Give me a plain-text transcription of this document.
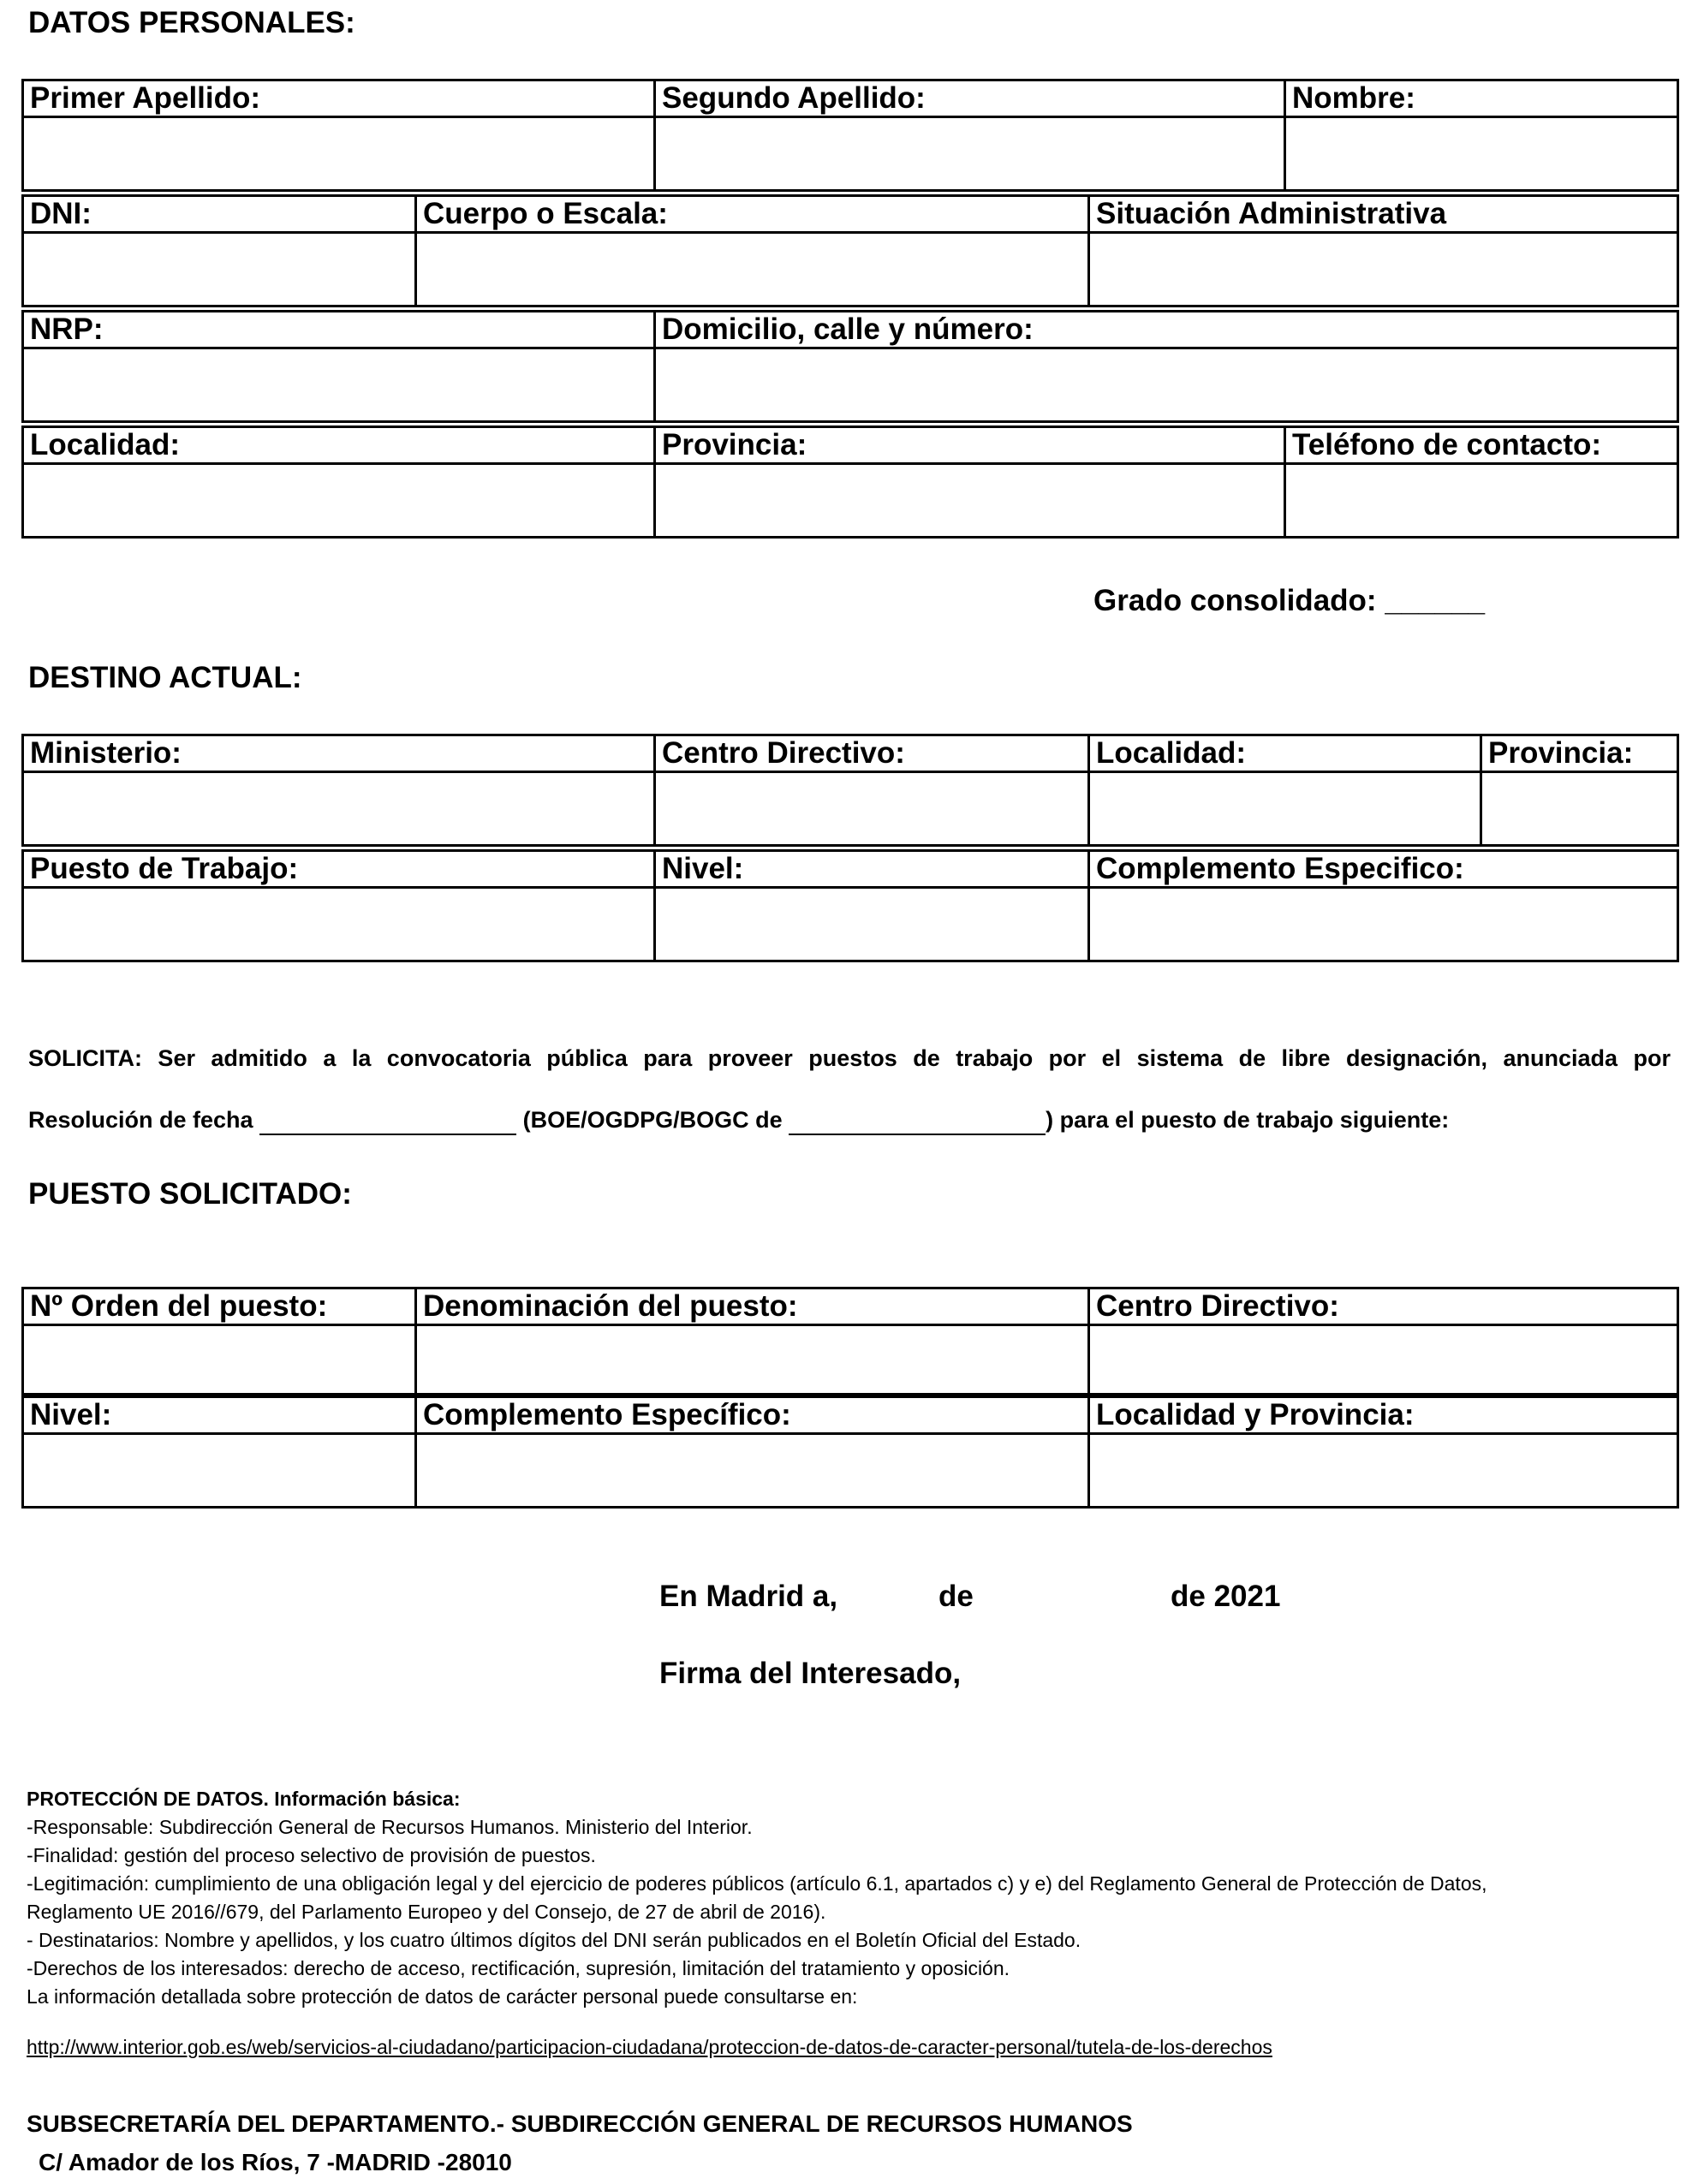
DATOS PERSONALES:
Primer Apellido:	Segundo Apellido:	Nombre:

DNI:	Cuerpo o Escala:	Situación Administrativa

NRP:	Domicilio, calle y número:

Localidad:	Provincia:	Teléfono de contacto:

Grado consolidado: ______
DESTINO ACTUAL:
Ministerio:	Centro Directivo:	Localidad:	Provincia:

Puesto de Trabajo:	Nivel:	Complemento Especifico:

SOLICITA: Ser admitido a la convocatoria pública para proveer puestos de trabajo por el sistema de libre designación, anunciada por
Resolución de fecha	(BOE/OGDPG/BOGC de	) para el puesto de trabajo siguiente:
PUESTO SOLICITADO:
Nº Orden del puesto:	Denominación del puesto:	Centro Directivo:

Nivel:	Complemento Específico:	Localidad y Provincia:

En Madrid a,	de	de 2021
Firma del Interesado,
PROTECCIÓN DE DATOS. Información básica:
-Responsable: Subdirección General de Recursos Humanos. Ministerio del Interior.
-Finalidad: gestión del proceso selectivo de provisión de puestos.
-Legitimación: cumplimiento de una obligación legal y del ejercicio de poderes públicos (artículo 6.1, apartados c) y e) del Reglamento General de Protección de Datos,
Reglamento UE 2016//679, del Parlamento Europeo y del Consejo, de 27 de abril de 2016).
- Destinatarios: Nombre y apellidos, y los cuatro últimos dígitos del DNI serán publicados en el Boletín Oficial del Estado.
-Derechos de los interesados: derecho de acceso, rectificación, supresión, limitación del tratamiento y oposición.
La información detallada sobre protección de datos de carácter personal puede consultarse en:
http://www.interior.gob.es/web/servicios-al-ciudadano/participacion-ciudadana/proteccion-de-datos-de-caracter-personal/tutela-de-los-derechos
SUBSECRETARÍA DEL DEPARTAMENTO.- SUBDIRECCIÓN GENERAL DE RECURSOS HUMANOS
C/ Amador de los Ríos, 7 -MADRID -28010
